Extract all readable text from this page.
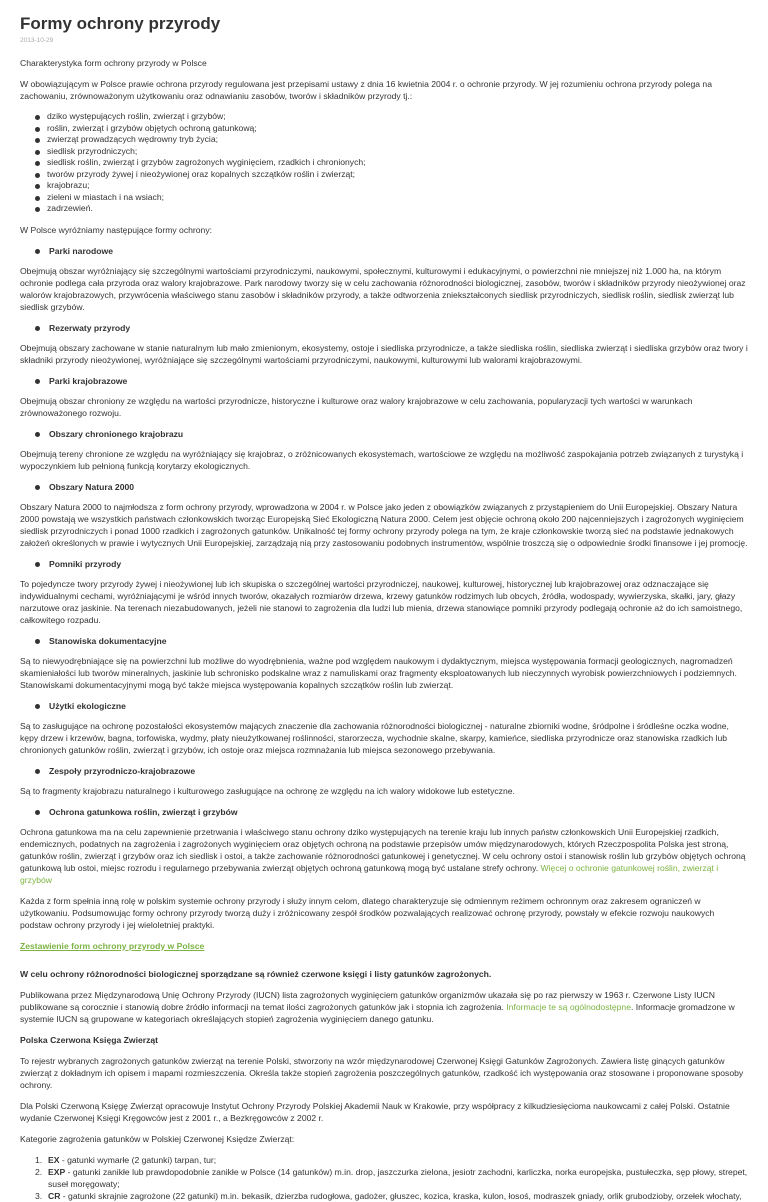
Formy ochrony przyrody
2013-10-29

Charakterystyka form ochrony przyrody w Polsce

W obowiązującym w Polsce prawie ochrona przyrody regulowana jest przepisami ustawy z dnia 16 kwietnia 2004 r. o ochronie przyrody. W jej rozumieniu ochrona przyrody polega na zachowaniu, zrównoważonym użytkowaniu oraz odnawianiu zasobów, tworów i składników przyrody tj.:

dziko występujących roślin, zwierząt i grzybów;
roślin, zwierząt i grzybów objętych ochroną gatunkową;
zwierząt prowadzących wędrowny tryb życia;
siedlisk przyrodniczych;
siedlisk roślin, zwierząt i grzybów zagrożonych wyginięciem, rzadkich i chronionych;
tworów przyrody żywej i nieożywionej oraz kopalnych szczątków roślin i zwierząt;
krajobrazu;
zieleni w miastach i na wsiach;
zadrzewień.

W Polsce wyróżniamy następujące formy ochrony:

Parki narodowe

Obejmują obszar wyróżniający się szczególnymi wartościami przyrodniczymi, naukowymi, społecznymi, kulturowymi i edukacyjnymi, o powierzchni nie mniejszej niż 1.000 ha, na którym ochronie podlega cała przyroda oraz walory krajobrazowe. Park narodowy tworzy się w celu zachowania różnorodności biologicznej, zasobów, tworów i składników przyrody nieożywionej oraz walorów krajobrazowych, przywrócenia właściwego stanu zasobów i składników przyrody, a także odtworzenia zniekształconych siedlisk przyrodniczych, siedlisk roślin, siedlisk zwierząt lub siedlisk grzybów.

Rezerwaty przyrody

Obejmują obszary zachowane w stanie naturalnym lub mało zmienionym, ekosystemy, ostoje i siedliska przyrodnicze, a także siedliska roślin, siedliska zwierząt i siedliska grzybów oraz twory i składniki przyrody nieożywionej, wyróżniające się szczególnymi wartościami przyrodniczymi, naukowymi, kulturowymi lub walorami krajobrazowymi.

Parki krajobrazowe

Obejmują obszar chroniony ze względu na wartości przyrodnicze, historyczne i kulturowe oraz walory krajobrazowe w celu zachowania, popularyzacji tych wartości w warunkach zrównoważonego rozwoju.

Obszary chronionego krajobrazu

Obejmują tereny chronione ze względu na wyróżniający się krajobraz, o zróżnicowanych ekosystemach, wartościowe ze względu na możliwość zaspokajania potrzeb związanych z turystyką i wypoczynkiem lub pełnioną funkcją korytarzy ekologicznych.

Obszary Natura 2000

Obszary Natura 2000 to najmłodsza z form ochrony przyrody, wprowadzona w 2004 r. w Polsce jako jeden z obowiązków związanych z przystąpieniem do Unii Europejskiej. Obszary Natura 2000 powstają we wszystkich państwach członkowskich tworząc Europejską Sieć Ekologiczną Natura 2000. Celem jest objęcie ochroną około 200 najcenniejszych i zagrożonych wyginięciem siedlisk przyrodniczych i ponad 1000 rzadkich i zagrożonych gatunków. Unikalność tej formy ochrony przyrody polega na tym, że kraje członkowskie tworzą sieć na podstawie jednakowych założeń określonych w prawie i wytycznych Unii Europejskiej, zarządzają nią przy zastosowaniu podobnych instrumentów, wspólnie troszczą się o odpowiednie środki finansowe i jej promocję.

Pomniki przyrody

To pojedyncze twory przyrody żywej i nieożywionej lub ich skupiska o szczególnej wartości przyrodniczej, naukowej, kulturowej, historycznej lub krajobrazowej oraz odznaczające się indywidualnymi cechami, wyróżniającymi je wśród innych tworów, okazałych rozmiarów drzewa, krzewy gatunków rodzimych lub obcych, źródła, wodospady, wywierzyska, skałki, jary, głazy narzutowe oraz jaskinie. Na terenach niezabudowanych, jeżeli nie stanowi to zagrożenia dla ludzi lub mienia, drzewa stanowiące pomniki przyrody podlegają ochronie aż do ich samoistnego, całkowitego rozpadu.

Stanowiska dokumentacyjne

Są to niewyodrębniające się na powierzchni lub możliwe do wyodrębnienia, ważne pod względem naukowym i dydaktycznym, miejsca występowania formacji geologicznych, nagromadzeń skamieniałości lub tworów mineralnych, jaskinie lub schronisko podskalne wraz z namuliskami oraz fragmenty eksploatowanych lub nieczynnych wyrobisk powierzchniowych i podziemnych. Stanowiskami dokumentacyjnymi mogą być także miejsca występowania kopalnych szczątków roślin lub zwierząt.

Użytki ekologiczne

Są to zasługujące na ochronę pozostałości ekosystemów mających znaczenie dla zachowania różnorodności biologicznej - naturalne zbiorniki wodne, śródpolne i śródleśne oczka wodne, kępy drzew i krzewów, bagna, torfowiska, wydmy, płaty nieużytkowanej roślinności, starorzecza, wychodnie skalne, skarpy, kamieńce, siedliska przyrodnicze oraz stanowiska rzadkich lub chronionych gatunków roślin, zwierząt i grzybów, ich ostoje oraz miejsca rozmnażania lub miejsca sezonowego przebywania.

Zespoły przyrodniczo-krajobrazowe

Są to fragmenty krajobrazu naturalnego i kulturowego zasługujące na ochronę ze względu na ich walory widokowe lub estetyczne.

Ochrona gatunkowa roślin, zwierząt i grzybów

Ochrona gatunkowa ma na celu zapewnienie przetrwania i właściwego stanu ochrony dziko występujących na terenie kraju lub innych państw członkowskich Unii Europejskiej rzadkich, endemicznych, podatnych na zagrożenia i zagrożonych wyginięciem oraz objętych ochroną na podstawie przepisów umów międzynarodowych, których Rzeczpospolita Polska jest stroną, gatunków roślin, zwierząt i grzybów oraz ich siedlisk i ostoi, a także zachowanie różnorodności gatunkowej i genetycznej. W celu ochrony ostoi i stanowisk roślin lub grzybów objętych ochroną gatunkową lub ostoi, miejsc rozrodu i regularnego przebywania zwierząt objętych ochroną gatunkową mogą być ustalane strefy ochrony. Więcej o ochronie gatunkowej roślin, zwierząt i grzybów

Każda z form spełnia inną rolę w polskim systemie ochrony przyrody i służy innym celom, dlatego charakteryzuje się odmiennym reżimem ochronnym oraz zakresem ograniczeń w użytkowaniu. Podsumowując formy ochrony przyrody tworzą duży i zróżnicowany zespół środków pozwalających realizować ochronę przyrody, powstały w efekcie rozwoju naukowych podstaw ochrony przyrody i jej wieloletniej praktyki.

Zestawienie form ochrony przyrody w Polsce

W celu ochrony różnorodności biologicznej sporządzane są również czerwone księgi i listy gatunków zagrożonych.

Publikowana przez Międzynarodową Unię Ochrony Przyrody (IUCN) lista zagrożonych wyginięciem gatunków organizmów ukazała się po raz pierwszy w 1963 r. Czerwone Listy IUCN publikowane są corocznie i stanowią dobre źródło informacji na temat ilości zagrożonych gatunków jak i stopnia ich zagrożenia. Informacje te są ogólnodostępne. Informacje gromadzone w systemie IUCN są grupowane w kategoriach określających stopień zagrożenia wyginięciem danego gatunku.

Polska Czerwona Księga Zwierząt

To rejestr wybranych zagrożonych gatunków zwierząt na terenie Polski, stworzony na wzór międzynarodowej Czerwonej Księgi Gatunków Zagrożonych. Zawiera listę ginących gatunków zwierząt z dokładnym ich opisem i mapami rozmieszczenia. Określa także stopień zagrożenia poszczególnych gatunków, rzadkość ich występowania oraz stosowane i proponowane sposoby ochrony.

Dla Polski Czerwoną Księgę Zwierząt opracowuje Instytut Ochrony Przyrody Polskiej Akademii Nauk w Krakowie, przy współpracy z kilkudziesięcioma naukowcami z całej Polski. Ostatnie wydanie Czerwonej Księgi Kręgowców jest z 2001 r., a Bezkręgowców z 2002 r.

Kategorie zagrożenia gatunków w Polskiej Czerwonej Księdze Zwierząt:

1. EX - gatunki wymarłe (2 gatunki) tarpan, tur;
2. EXP - gatunki zanikłe lub prawdopodobnie zanikłe w Polsce (14 gatunków) m.in. drop, jaszczurka zielona, jesiotr zachodni, karliczka, norka europejska, pustułeczka, sęp płowy, strepet, suseł moręgowaty;
3. CR - gatunki skrajnie zagrożone (22 gatunki) m.in. bekasik, dzierzba rudogłowa, gadożer, głuszec, kozica, kraska, kulon, łosoś, modraszek gniady, orlik grubodzioby, orzełek włochaty,
